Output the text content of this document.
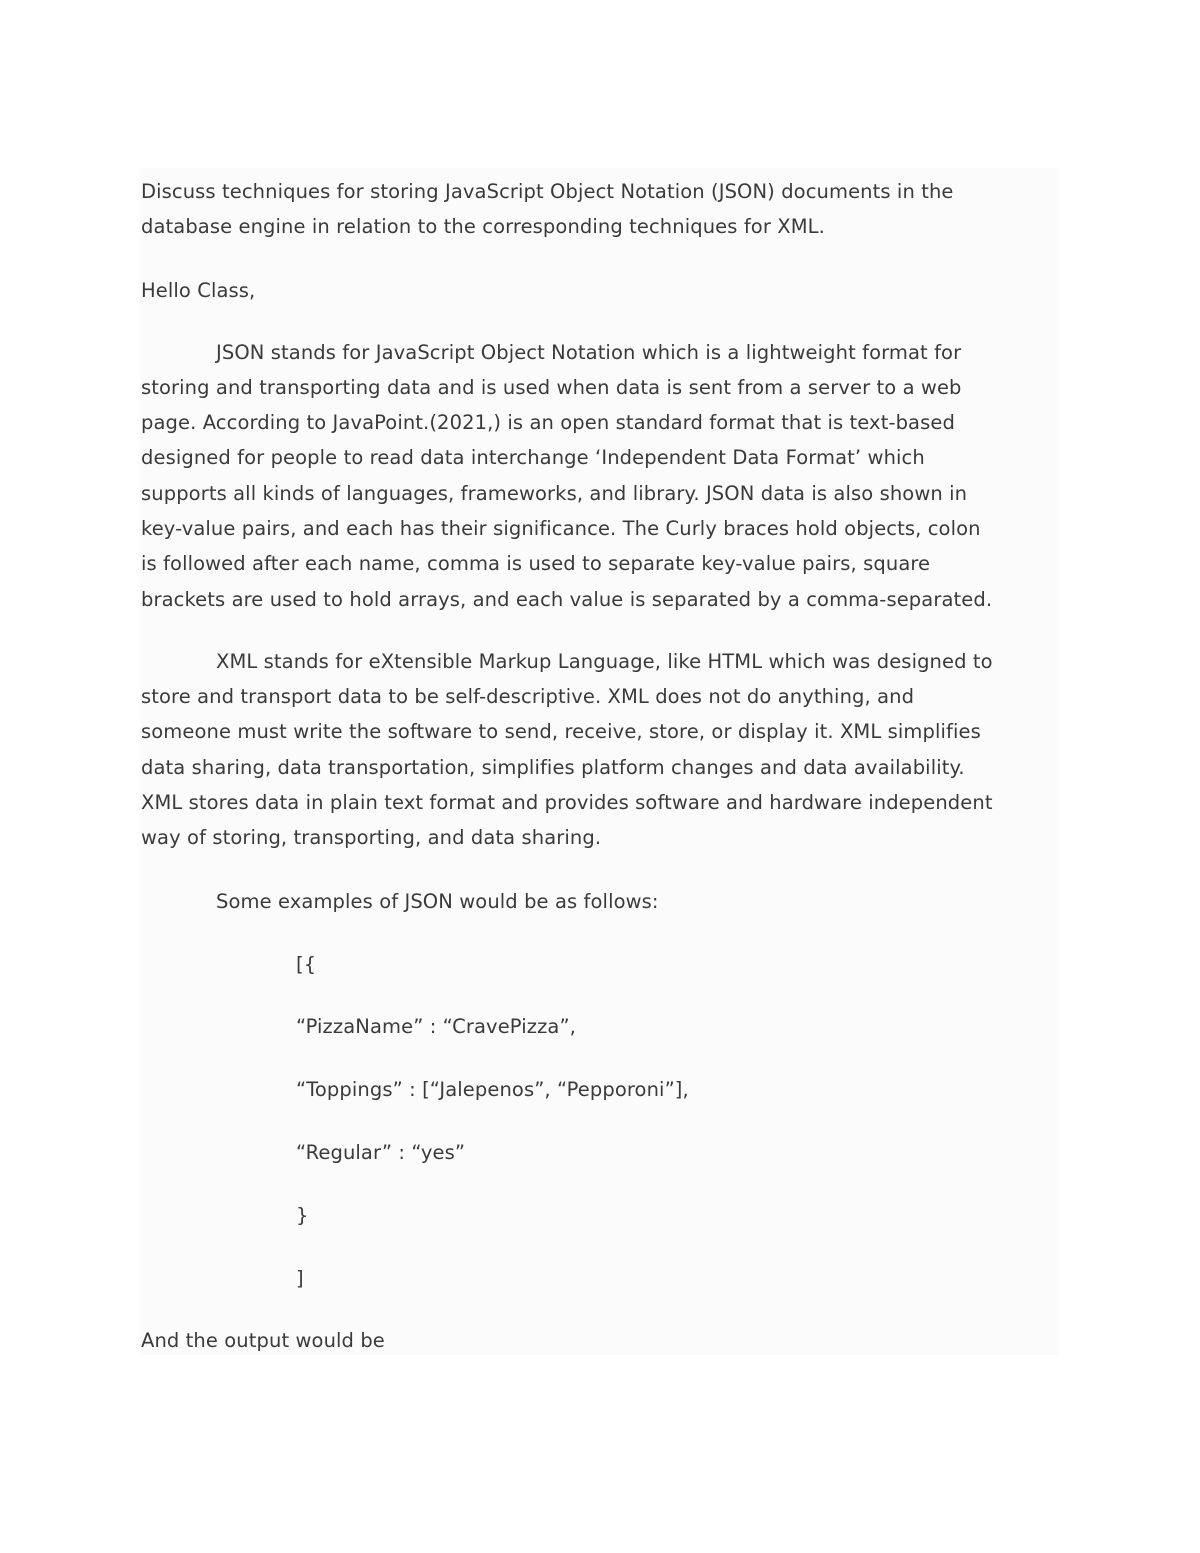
Discuss techniques for storing JavaScript Object Notation (JSON) documents in the
database engine in relation to the corresponding techniques for XML.
Hello Class,
JSON stands for JavaScript Object Notation which is a lightweight format for
storing and transporting data and is used when data is sent from a server to a web
page. According to JavaPoint.(2021,) is an open standard format that is text-based
designed for people to read data interchange ‘Independent Data Format’ which
supports all kinds of languages, frameworks, and library. JSON data is also shown in
key-value pairs, and each has their significance. The Curly braces hold objects, colon
is followed after each name, comma is used to separate key-value pairs, square
brackets are used to hold arrays, and each value is separated by a comma-separated.
XML stands for eXtensible Markup Language, like HTML which was designed to
store and transport data to be self-descriptive. XML does not do anything, and
someone must write the software to send, receive, store, or display it. XML simplifies
data sharing, data transportation, simplifies platform changes and data availability.
XML stores data in plain text format and provides software and hardware independent
way of storing, transporting, and data sharing.
Some examples of JSON would be as follows:
[{
“PizzaName” : “CravePizza”,
“Toppings” : [“Jalepenos”, “Pepporoni”],
“Regular” : “yes”
}
]
And the output would be
